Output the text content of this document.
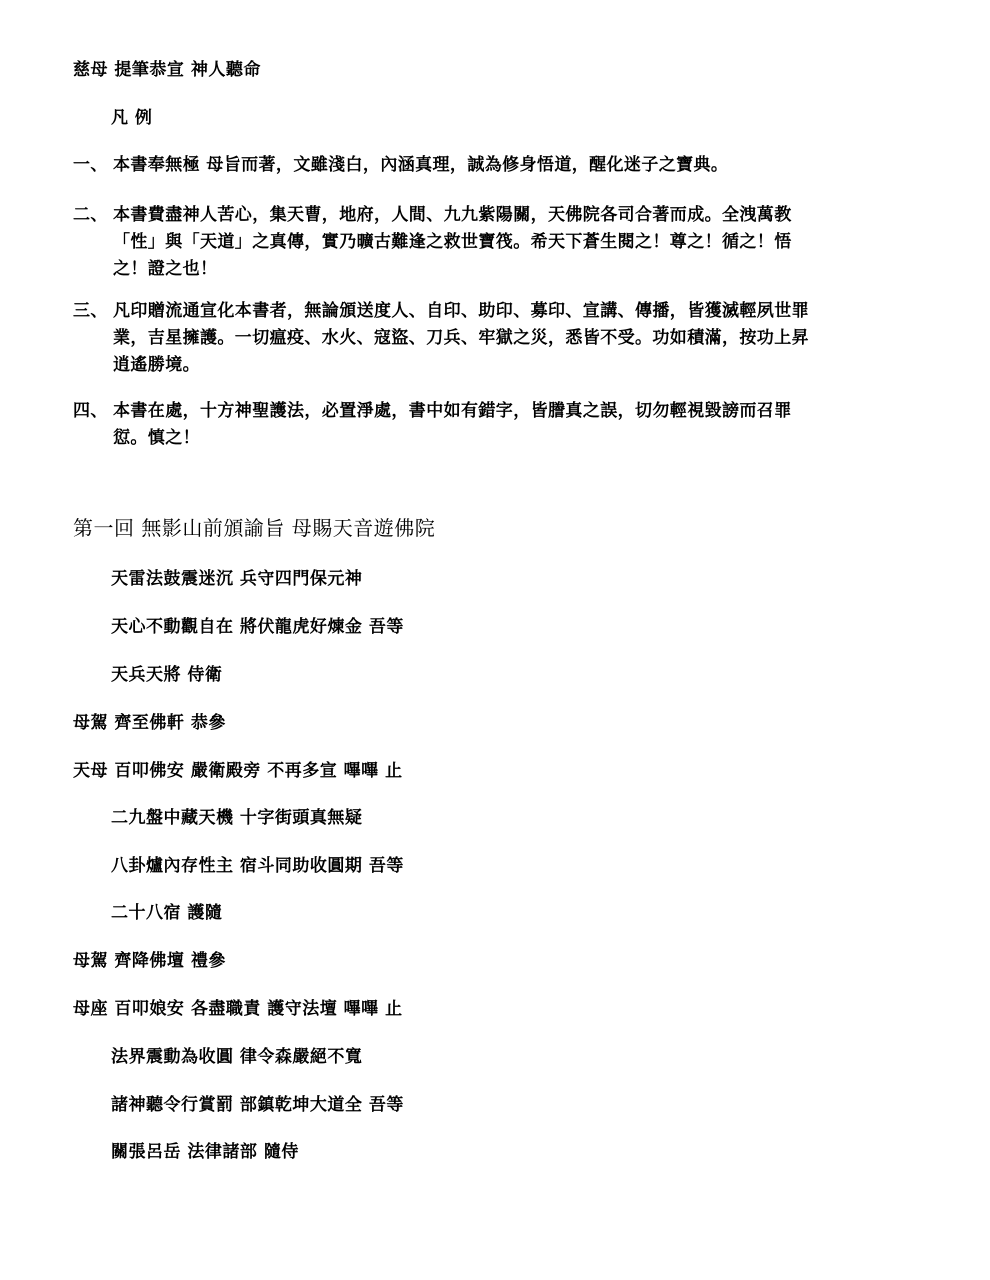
慈母 提筆恭宣 神人聽命
凡 例
一、 本書奉無極 母旨而著，文雖淺白，內涵真理，誠為修身悟道，醒化迷子之寶典。
二、 本書費盡神人苦心，集天曹，地府，人間、九九紫陽關，天佛院各司合著而成。全洩萬教
「性」與「天道」之真傳，實乃曠古難逢之救世寶筏。希天下蒼生閱之！尊之！循之！悟
之！證之也！
三、 凡印贈流通宣化本書者，無論頒送度人、自印、助印、募印、宣講、傳播，皆獲滅輕夙世罪
業，吉星擁護。一切瘟疫、水火、寇盜、刀兵、牢獄之災，悉皆不受。功如積滿，按功上昇
逍遙勝境。
四、 本書在處，十方神聖護法，必置淨處，書中如有錯字，皆謄真之誤，切勿輕視毀謗而召罪
愆。慎之！
第一回 無影山前頒諭旨 母賜天音遊佛院
天雷法鼓震迷沉 兵守四門保元神
天心不動觀自在 將伏龍虎好煉金 吾等
天兵天將 侍衛
母駕 齊至佛軒 恭參
天母 百叩佛安 嚴衛殿旁 不再多宣 嗶嗶 止
二九盤中藏天機 十字街頭真無疑
八卦爐內存性主 宿斗同助收圓期 吾等
二十八宿 護隨
母駕 齊降佛壇 禮參
母座 百叩娘安 各盡職責 護守法壇 嗶嗶 止
法界震動為收圓 律令森嚴絕不寬
諸神聽令行賞罰 部鎮乾坤大道全 吾等
關張呂岳 法律諸部 隨侍
